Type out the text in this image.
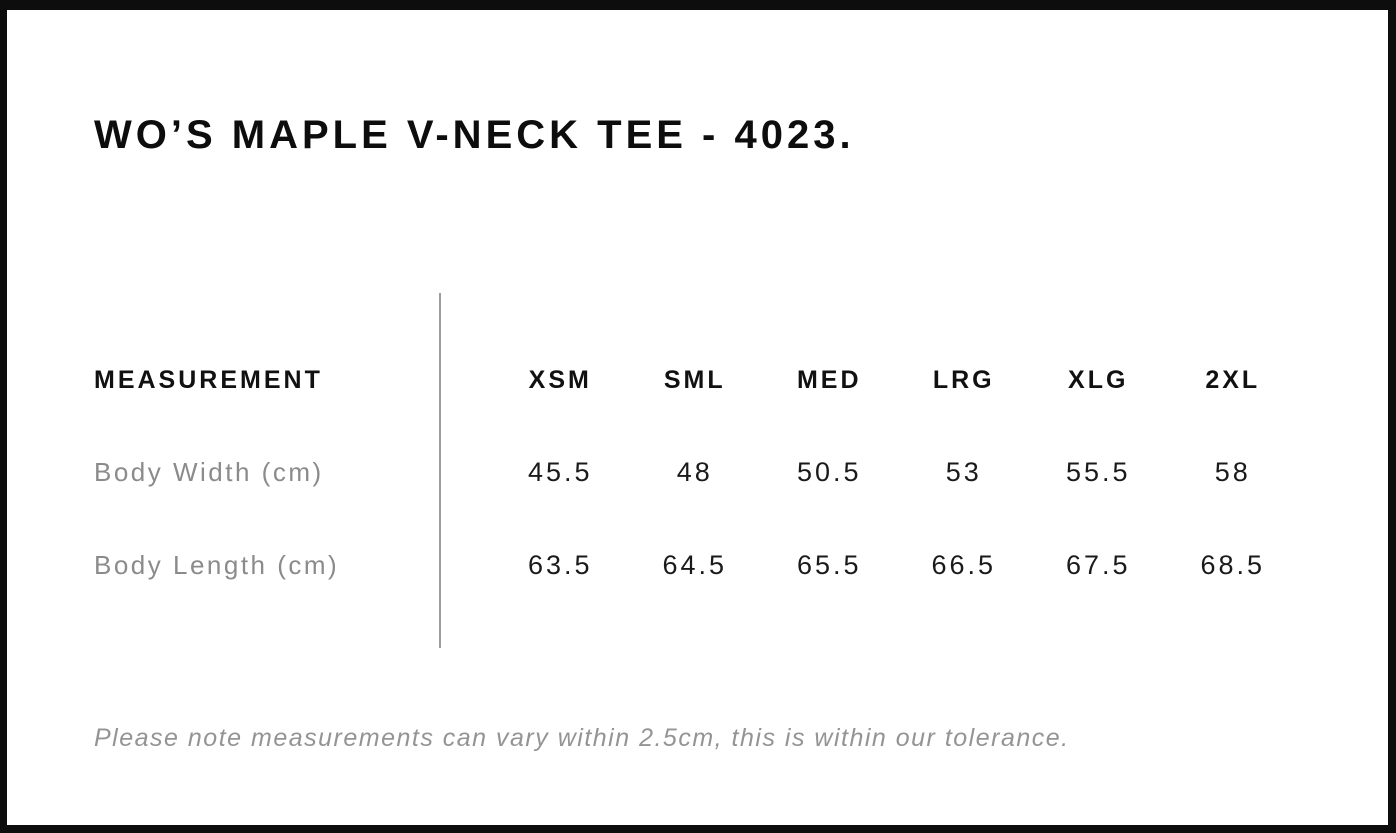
WO’S MAPLE V-NECK TEE - 4023.
MEASUREMENT	XSM	SML	MED	LRG	XLG	2XL
Body Width (cm)	45.5	48	50.5	53	55.5	58
Body Length (cm)	63.5	64.5	65.5	66.5	67.5	68.5

Please note measurements can vary within 2.5cm, this is within our tolerance.
